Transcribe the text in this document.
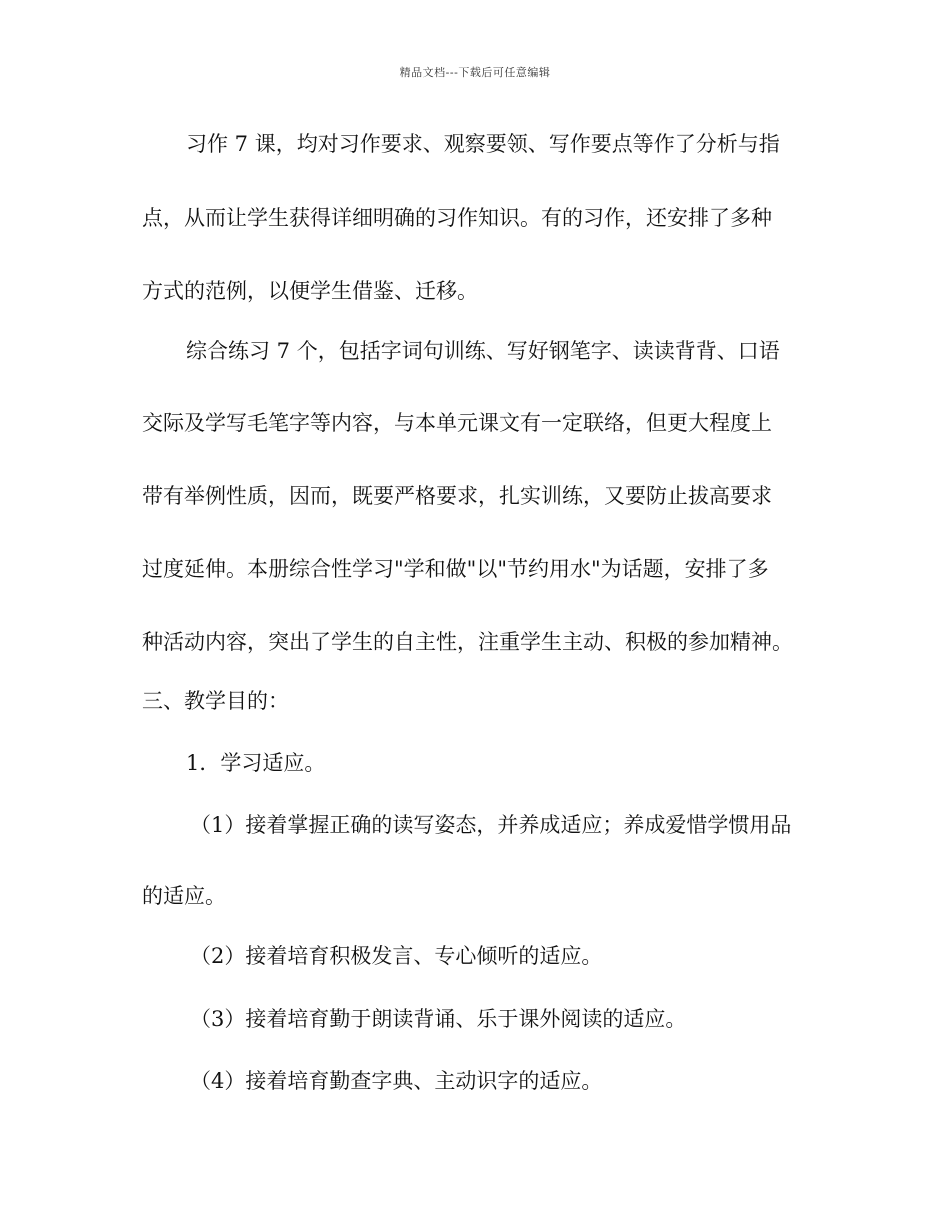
精品文档---下载后可任意编辑
习作 7 课，均对习作要求、观察要领、写作要点等作了分析与指
点，从而让学生获得详细明确的习作知识。有的习作，还安排了多种
方式的范例，以便学生借鉴、迁移。
综合练习 7 个，包括字词句训练、写好钢笔字、读读背背、口语
交际及学写毛笔字等内容，与本单元课文有一定联络，但更大程度上
带有举例性质，因而，既要严格要求，扎实训练，又要防止拔高要求
过度延伸。本册综合性学习"学和做"以"节约用水"为话题，安排了多
种活动内容，突出了学生的自主性，注重学生主动、积极的参加精神。
三、教学目的：
1．学习适应。
（1）接着掌握正确的读写姿态，并养成适应；养成爱惜学惯用品
的适应。
（2）接着培育积极发言、专心倾听的适应。
（3）接着培育勤于朗读背诵、乐于课外阅读的适应。
（4）接着培育勤查字典、主动识字的适应。
